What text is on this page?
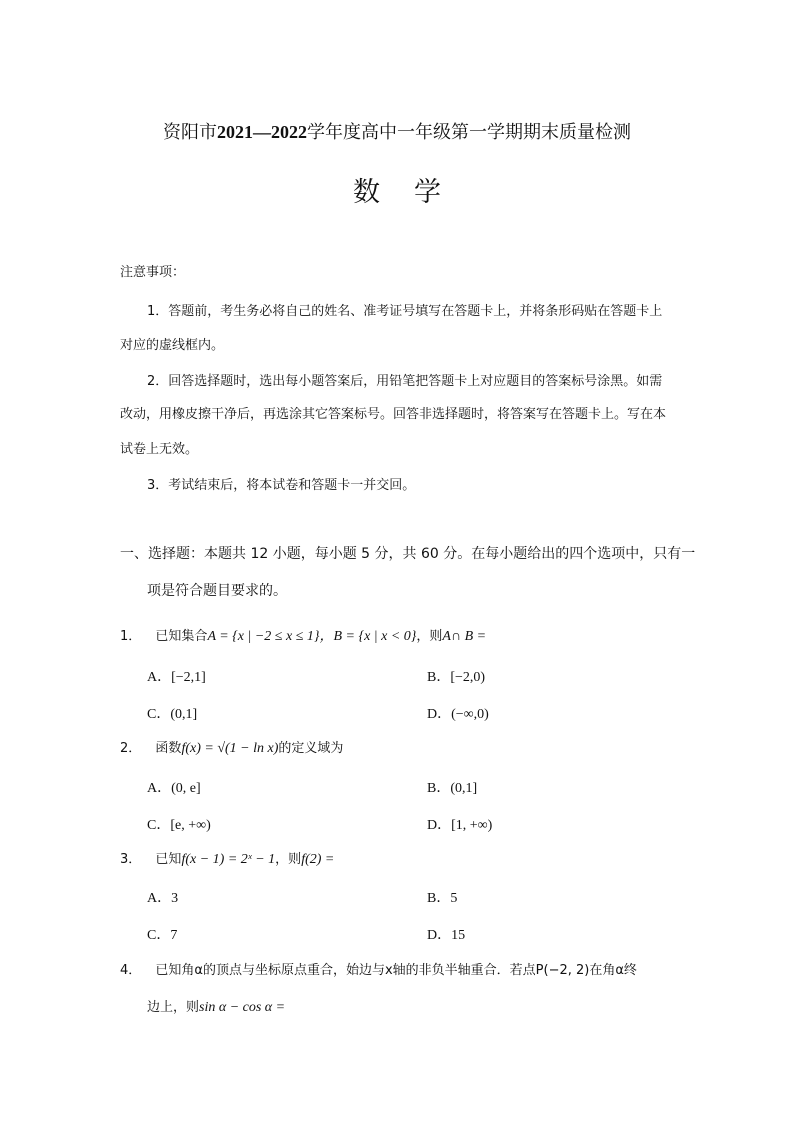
资阳市2021—2022学年度高中一年级第一学期期末质量检测
数学
注意事项：
1．答题前，考生务必将自己的姓名、准考证号填写在答题卡上，并将条形码贴在答题卡上
对应的虚线框内。
2．回答选择题时，选出每小题答案后，用铅笔把答题卡上对应题目的答案标号涂黑。如需
改动，用橡皮擦干净后，再选涂其它答案标号。回答非选择题时，将答案写在答题卡上。写在本
试卷上无效。
3．考试结束后，将本试卷和答题卡一并交回。
一、选择题：本题共 12 小题，每小题 5 分，共 60 分。在每小题给出的四个选项中，只有一
项是符合题目要求的。
1． 已知集合A = {x | −2 ≤ x ≤ 1}，B = {x | x < 0}，则A∩ B =
A．[−2,1]	B．[−2,0)
C．(0,1]	D．(−∞,0)
2． 函数f(x) = √(1 − ln x)的定义域为
A．(0, e]	B．(0,1]
C．[e, +∞)	D．[1, +∞)
3． 已知f(x − 1) = 2ˣ − 1，则f(2) =
A．3	B．5
C．7	D．15
4． 已知角α的顶点与坐标原点重合，始边与x轴的非负半轴重合．若点P(−2, 2)在角α终
边上，则sin α − cos α =
